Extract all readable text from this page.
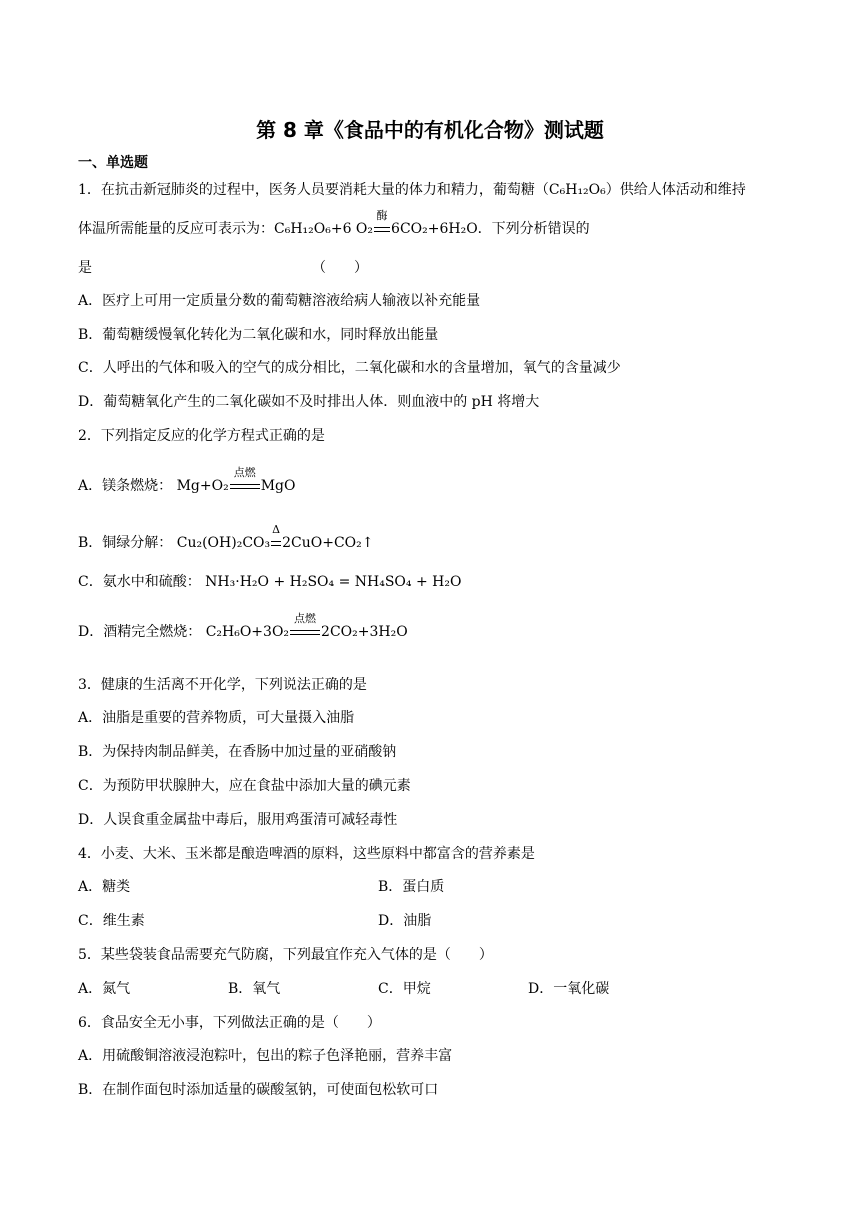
第 8 章《食品中的有机化合物》测试题
一、单选题
1．在抗击新冠肺炎的过程中，医务人员要消耗大量的体力和精力，葡萄糖（C₆H₁₂O₆）供给人体活动和维持
体温所需能量的反应可表示为：C₆H₁₂O₆+6 O₂
酶
6CO₂+6H₂O．下列分析错误的
是	（　　）
A．医疗上可用一定质量分数的葡萄糖溶液给病人输液以补充能量
B．葡萄糖缓慢氧化转化为二氧化碳和水，同时释放出能量
C．人呼出的气体和吸入的空气的成分相比，二氧化碳和水的含量增加，氧气的含量减少
D．葡萄糖氧化产生的二氧化碳如不及时排出人体．则血液中的 pH 将增大
2．下列指定反应的化学方程式正确的是
A．镁条燃烧： Mg+O₂
点燃
MgO
B．铜绿分解： Cu₂(OH)₂CO₃
Δ
2CuO+CO₂↑
C．氨水中和硫酸： NH₃·H₂O + H₂SO₄ = NH₄SO₄ + H₂O
D．酒精完全燃烧： C₂H₆O+3O₂
点燃
2CO₂+3H₂O
3．健康的生活离不开化学，下列说法正确的是
A．油脂是重要的营养物质，可大量摄入油脂
B．为保持肉制品鲜美，在香肠中加过量的亚硝酸钠
C．为预防甲状腺肿大，应在食盐中添加大量的碘元素
D．人误食重金属盐中毒后，服用鸡蛋清可减轻毒性
4．小麦、大米、玉米都是酿造啤酒的原料，这些原料中都富含的营养素是
A．糖类	B．蛋白质
C．维生素	D．油脂
5．某些袋装食品需要充气防腐，下列最宜作充入气体的是（　　）
A．氮气	B．氧气	C．甲烷	D．一氧化碳
6．食品安全无小事，下列做法正确的是（　　）
A．用硫酸铜溶液浸泡粽叶，包出的粽子色泽艳丽，营养丰富
B．在制作面包时添加适量的碳酸氢钠，可使面包松软可口
